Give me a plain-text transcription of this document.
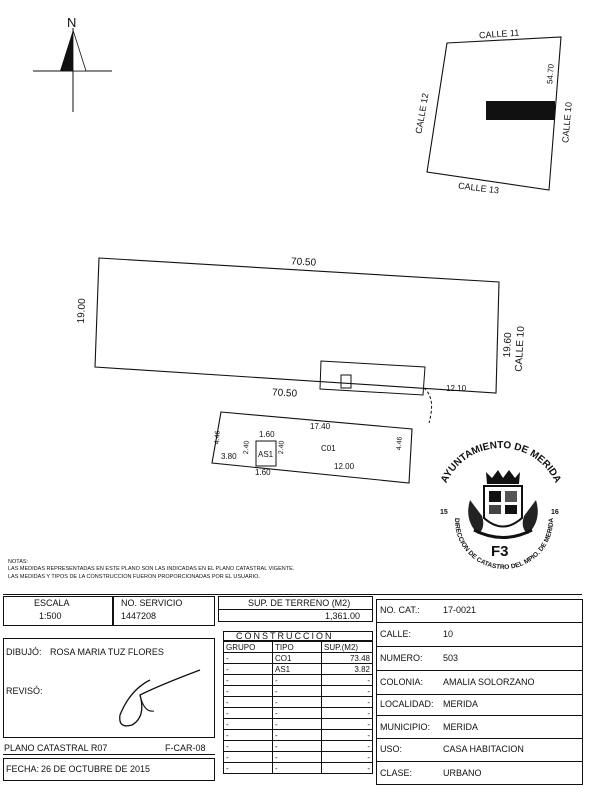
AYUNTAMIENTO DE MERIDA
DIRECCION DE CATASTRO DEL MPIO. DE MERIDA
N
CALLE 11
CALLE 12	CALLE 10
CALLE 13
54.70
70.50
70.50
19.00
19.60 CALLE 10
12.10
17.40
12.00
4.46	4.46
3.80
1.60
2.40	2.40
1.60
AS1
C01
15	16
F3
NOTAS:
LAS MEDIDAS REPRESENTADAS EN ESTE PLANO SON LAS INDICADAS EN EL PLANO CATASTRAL VIGENTE.
LAS MEDIDAS Y TIPOS DE LA CONSTRUCCION FUERON PROPORCIONADAS POR EL USUARIO.
ESCALA
1:500
NO. SERVICIO
1447208
SUP. DE TERRENO (M2)
1,361.00
DIBUJÓ: ROSA MARIA TUZ FLORES
REVISÓ:
PLANO CATASTRAL R07	F-CAR-08
FECHA: 26 DE OCTUBRE DE 2015
CONSTRUCCION
GRUPO	TIPO	SUP.(M2)
-	CO1	73.48
-	AS1	3.82
-	-	-
-	-	-
-	-	-
-	-	-
-	-	-
-	-	-
-	-	-
-	-	-
-	-	-
NO. CAT.:	17-0021
CALLE:	10
NUMERO: 503
COLONIA: AMALIA SOLORZANO
LOCALIDAD: MERIDA
MUNICIPIO: MERIDA
USO:	CASA HABITACION
CLASE:	URBANO
